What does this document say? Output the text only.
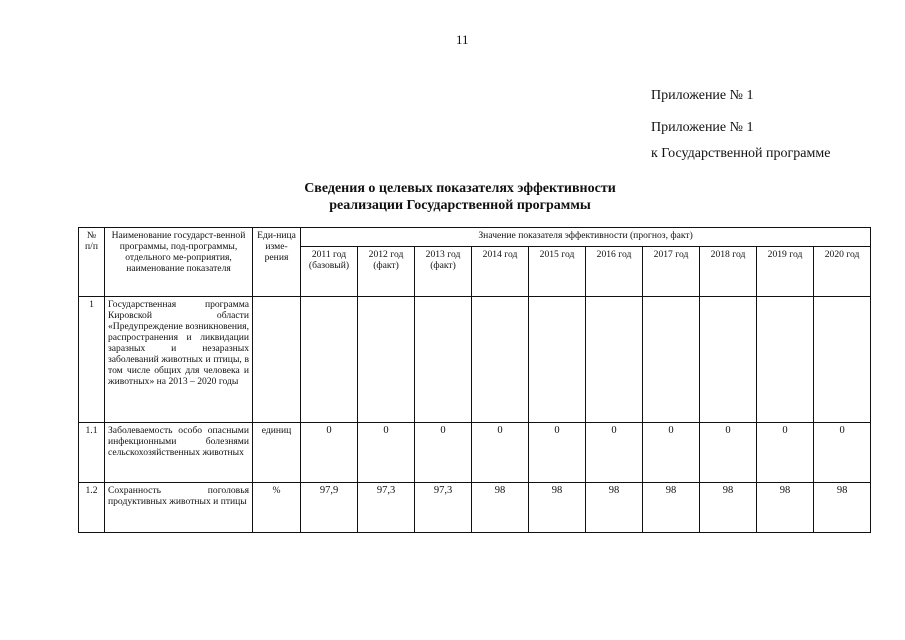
11
Приложение № 1
Приложение № 1
к Государственной программе
Сведения о целевых показателях эффективности
реализации Государственной программы
№ п/п	Наименование государст-венной программы, под-программы, отдельного ме-роприятия, наименование показателя	Еди-ница изме-рения	Значение показателя эффективности (прогноз, факт)									
			2011 год (базовый)	2012 год (факт)	2013 год (факт)	2014 год	2015 год	2016 год	2017 год	2018 год	2019 год	2020 год
1	Государственная программа Кировской области «Предупреждение возникновения, распространения и ликвидации заразных и незаразных заболеваний животных и птицы, в том числе общих для человека и животных» на 2013 – 2020 годы											
1.1	Заболеваемость особо опасными инфекционными болезнями сельскохозяйственных животных	единиц	0	0	0	0	0	0	0	0	0	0
1.2	Сохранность поголовья продуктивных животных и птицы	%	97,9	97,3	97,3	98	98	98	98	98	98	98
